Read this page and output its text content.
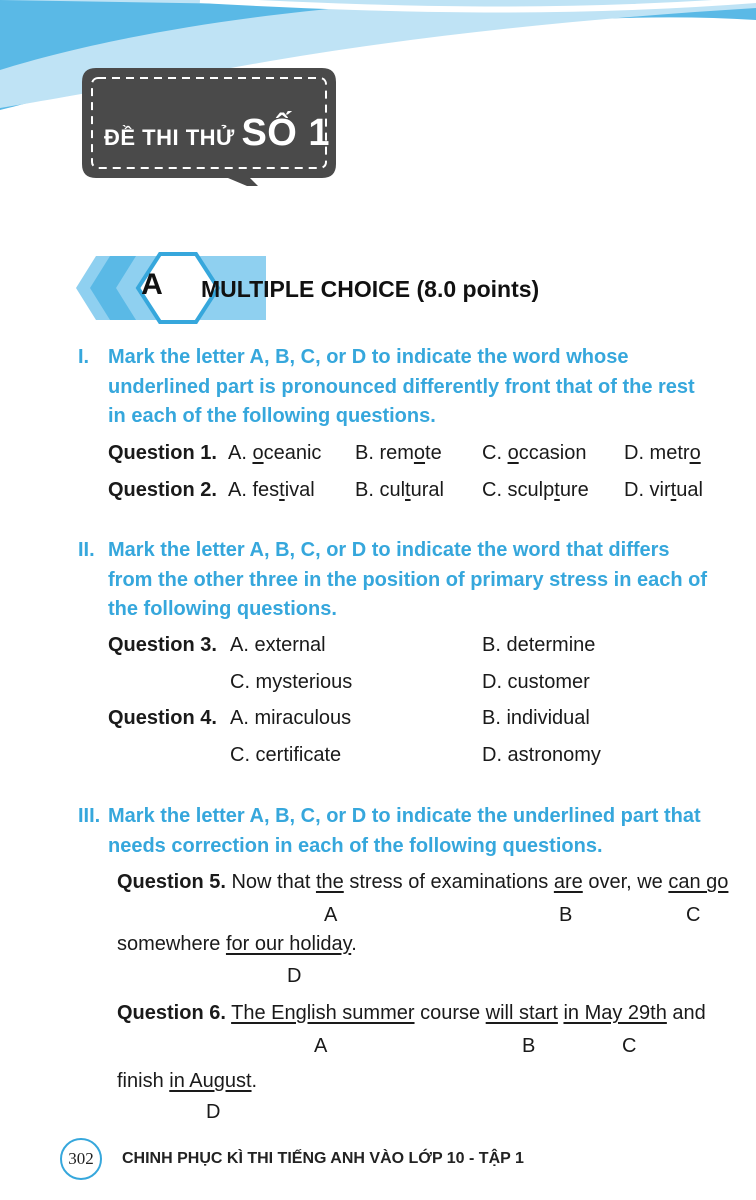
ĐỀ THI THỬ SỐ 1
A	MULTIPLE CHOICE (8.0 points)
I. Mark the letter A, B, C, or D to indicate the word whose
underlined part is pronounced differently front that of the rest
in each of the following questions.
Question 1. A. oceanic B. remote C. occasion D. metro
Question 2. A. festival B. cultural C. sculpture D. virtual
II. Mark the letter A, B, C, or D to indicate the word that differs
from the other three in the position of primary stress in each of
the following questions.
Question 3. A. external	B. determine
C. mysterious	D. customer
Question 4. A. miraculous	B. individual
C. certificate	D. astronomy
III. Mark the letter A, B, C, or D to indicate the underlined part that
needs correction in each of the following questions.
Question 5. Now that the stress of examinations are over, we can go
A	B	C
somewhere for our holiday.
D
Question 6. The English summer course will start in May 29th and
A	B	C
finish in August.
D
302	CHINH PHỤC KÌ THI TIẾNG ANH VÀO LỚP 10 - TẬP 1
